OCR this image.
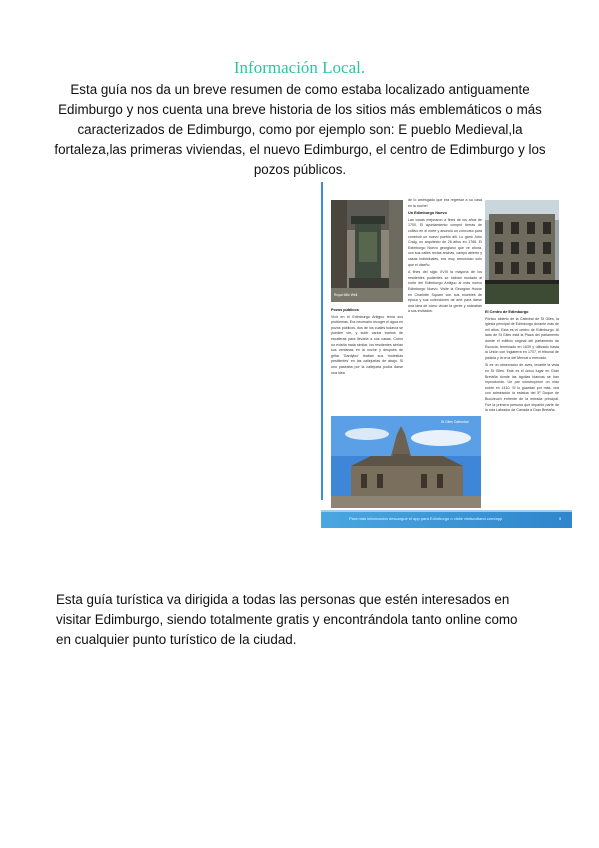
Información Local.
Esta guía nos da un breve resumen de como estaba localizado antiguamente Edimburgo y nos cuenta una breve historia de los sitios más emblemáticos o más caracterizados de Edimburgo, como por ejemplo son: E pueblo Medieval,la fortaleza,las primeras viviendas, el nuevo Edimburgo, el centro de Edimburgo y los pozos públicos.
Royal Mile Well
Pozos públicos

Vivir en el Edimburgo Antiguo tenía sus problemas. Era necesario recoger el agua en pozos públicos, dos de los cuales todavía se pueden ver, y subir varios tramos de escaleras para llevarla a sus casas. Como no existía nada similar, los residentes abrían sus ventanas en la noche y después de gritar 'Gardyloo' tiraban sus 'molestias pestilentes' en las callejuelas de abajo. Si uno paseaba por la callejuela podía darse una idea

de lo arriesgado que era regresar a su casa en la noche!

Un Edimburgo Nuevo

Las cosas mejoraron a fines de los años de 1700. El ayuntamiento compró tierras de cultivo en el norte y anunció un concurso para construir un nuevo pueblo allí. Lo ganó John Craig, un arquitecto de 26 años en 1766. El Edimburgo Nuevo georgiano que ve ahora, con sus calles rectas anchas, campo abierto y casas individuales, era muy armonioso solo que el diseño.

A fines del siglo XVIII la mayoría de los residentes pudientes se habían mudado al norte del Edimburgo Antiguo al más nuevo Edimburgo Nuevo. Visite la Georgian House en Charlotte Square con sus muebles de época y sus colecciones de arte para darse una idea de cómo vivían la gente y rodeaban a sus invitados.	El Centro de Edimburgo

Pórtico abierto de la Catedral de St Giles, la iglesia principal de Edimburgo durante más de mil años. Esta es el centro de Edimburgo. Al lado de St Giles está la Plaza del parlamento donde el edificio original del parlamento de Escocia, terminado en 1639 y utilizado hasta la Unión con Inglaterra en 1707, el tribunal de justicia y la cruz del Mercat o mercado.

Si es un observador de aves, levante la vista en St Giles. Este es el único lugar en Gran Bretaña donde las águilas blancas se han reproducido. Un par construyeron un nido sobre en 1410. Si lo guardan por más, veá con admiración la estatua del 5º Duque de Buccleuch enfrente de la entrada principal. Fue la primera persona que impartió parte de la ruta Labrador de Canadá a Gran Bretaña.

St Giles Cathedral
Para más información descargue el app para Edimburgo o visite visitscotland.com/app	5
Esta guía turística va dirigida a todas las personas que estén interesados en visitar Edimburgo, siendo totalmente gratis y encontrándola tanto online como en cualquier punto turístico de la ciudad.
